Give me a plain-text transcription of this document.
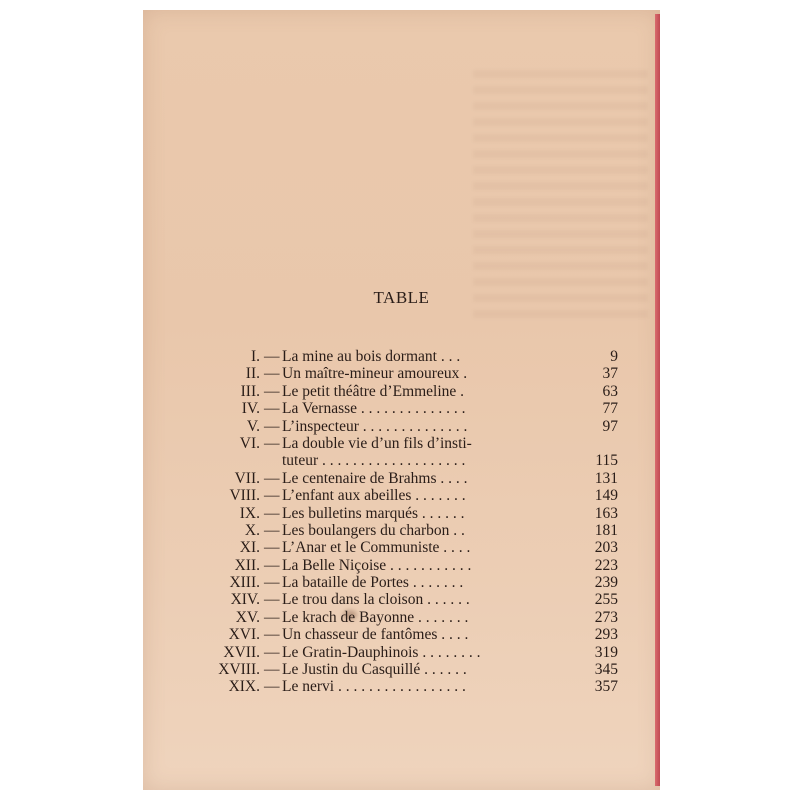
TABLE
I. — La mine au bois dormant . . .	9
II. — Un maître-mineur amoureux .	37
III. — Le petit théâtre d’Emmeline .	63
IV. — La Vernasse . . . . . . . . . . . . . .	77
V. — L’inspecteur . . . . . . . . . . . . . .	97
VI. — La double vie d’un fils d’insti-
tuteur . . . . . . . . . . . . . . . . . . .	115
VII. — Le centenaire de Brahms . . . .	131
VIII. — L’enfant aux abeilles . . . . . . .	149
IX. — Les bulletins marqués . . . . . .	163
X. — Les boulangers du charbon . .	181
XI. — L’Anar et le Communiste . . . .	203
XII. — La Belle Niçoise . . . . . . . . . . .	223
XIII. — La bataille de Portes . . . . . . .	239
XIV. — Le trou dans la cloison . . . . . .	255
XV. — Le krach de Bayonne . . . . . . .	273
XVI. — Un chasseur de fantômes . . . .	293
XVII. — Le Gratin-Dauphinois . . . . . . . .	319
XVIII. — Le Justin du Casquillé . . . . . .	345
XIX. — Le nervi . . . . . . . . . . . . . . . . .	357
